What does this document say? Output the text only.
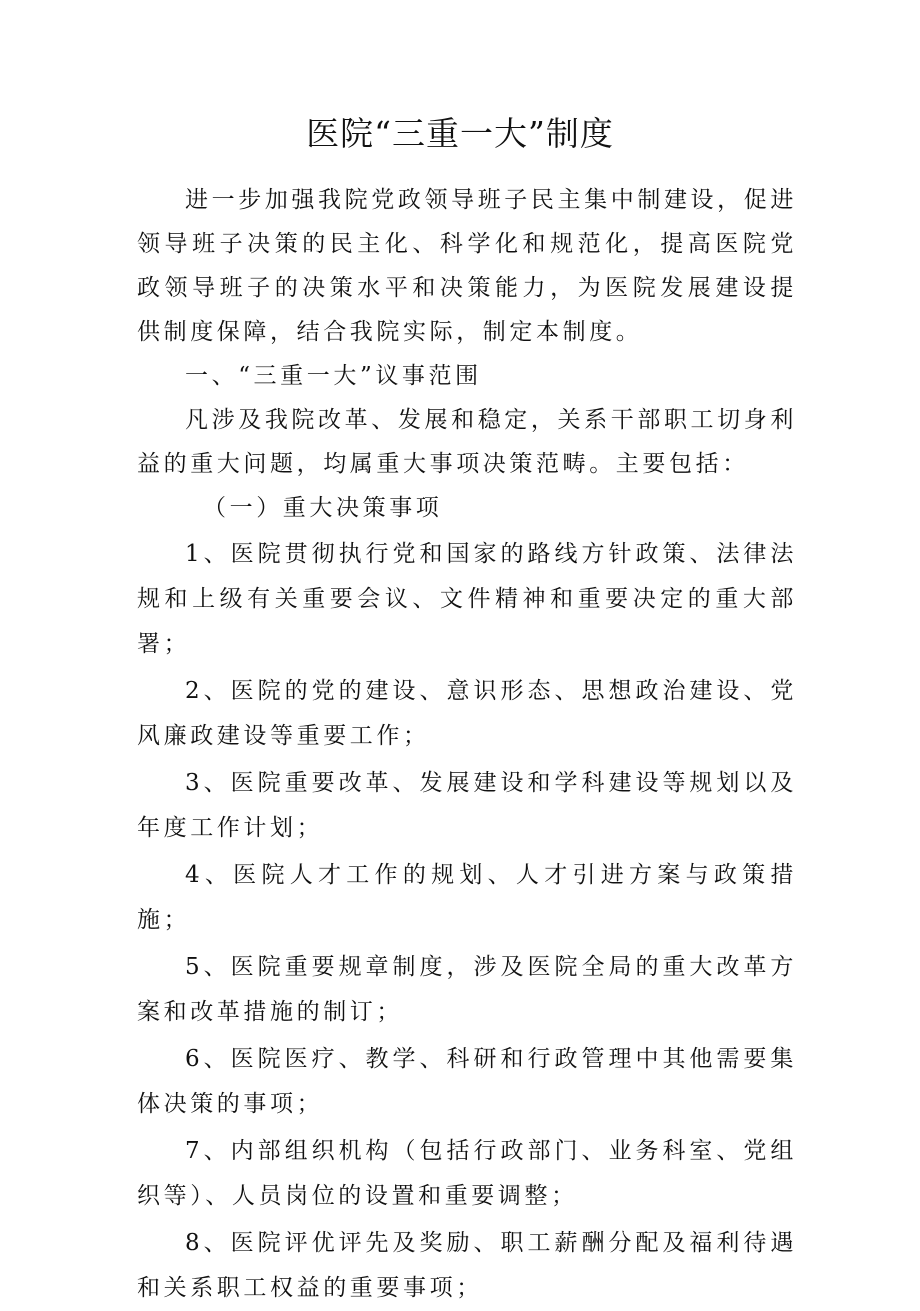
医院“三重一大”制度

进一步加强我院党政领导班子民主集中制建设，促进领导班子决策的民主化、科学化和规范化，提高医院党政领导班子的决策水平和决策能力，为医院发展建设提供制度保障，结合我院实际，制定本制度。

一、“三重一大”议事范围

凡涉及我院改革、发展和稳定，关系干部职工切身利益的重大问题，均属重大事项决策范畴。主要包括：

（一）重大决策事项

1、医院贯彻执行党和国家的路线方针政策、法律法规和上级有关重要会议、文件精神和重要决定的重大部署；

2、医院的党的建设、意识形态、思想政治建设、党风廉政建设等重要工作；

3、医院重要改革、发展建设和学科建设等规划以及年度工作计划；

4、医院人才工作的规划、人才引进方案与政策措施；

5、医院重要规章制度，涉及医院全局的重大改革方案和改革措施的制订；

6、医院医疗、教学、科研和行政管理中其他需要集体决策的事项；

7、内部组织机构（包括行政部门、业务科室、党组织等）、人员岗位的设置和重要调整；

8、医院评优评先及奖励、职工薪酬分配及福利待遇和关系职工权益的重要事项；
